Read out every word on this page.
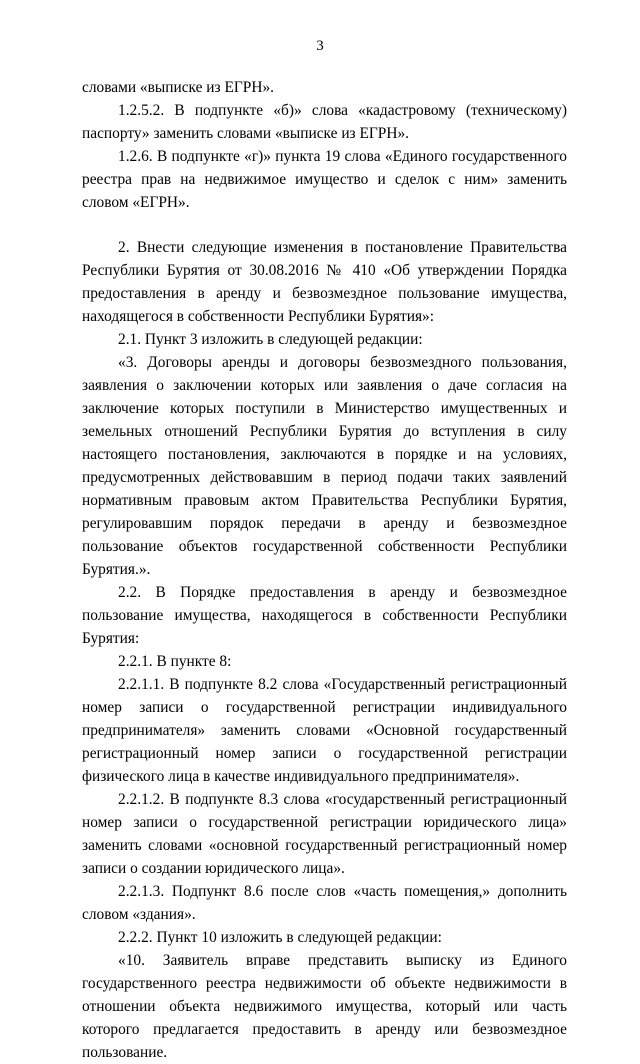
3

словами «выписке из ЕГРН».

1.2.5.2. В подпункте «б)» слова «кадастровому (техническому) паспорту» заменить словами «выписке из ЕГРН».

1.2.6. В подпункте «г)» пункта 19 слова «Единого государственного реестра прав на недвижимое имущество и сделок с ним» заменить словом «ЕГРН».

2. Внести следующие изменения в постановление Правительства Республики Бурятия от 30.08.2016 № 410 «Об утверждении Порядка предоставления в аренду и безвозмездное пользование имущества, находящегося в собственности Республики Бурятия»:

2.1. Пункт 3 изложить в следующей редакции:

«3. Договоры аренды и договоры безвозмездного пользования, заявления о заключении которых или заявления о даче согласия на заключение которых поступили в Министерство имущественных и земельных отношений Республики Бурятия до вступления в силу настоящего постановления, заключаются в порядке и на условиях, предусмотренных действовавшим в период подачи таких заявлений нормативным правовым актом Правительства Республики Бурятия, регулировавшим порядок передачи в аренду и безвозмездное пользование объектов государственной собственности Республики Бурятия.».

2.2. В Порядке предоставления в аренду и безвозмездное пользование имущества, находящегося в собственности Республики Бурятия:

2.2.1. В пункте 8:

2.2.1.1. В подпункте 8.2 слова «Государственный регистрационный номер записи о государственной регистрации индивидуального предпринимателя» заменить словами «Основной государственный регистрационный номер записи о государственной регистрации физического лица в качестве индивидуального предпринимателя».

2.2.1.2. В подпункте 8.3 слова «государственный регистрационный номер записи о государственной регистрации юридического лица» заменить словами «основной государственный регистрационный номер записи о создании юридического лица».

2.2.1.3. Подпункт 8.6 после слов «часть помещения,» дополнить словом «здания».

2.2.2. Пункт 10 изложить в следующей редакции:

«10. Заявитель вправе представить выписку из Единого государственного реестра недвижимости об объекте недвижимости в отношении объекта недвижимого имущества, который или часть которого предлагается предоставить в аренду или безвозмездное пользование.
